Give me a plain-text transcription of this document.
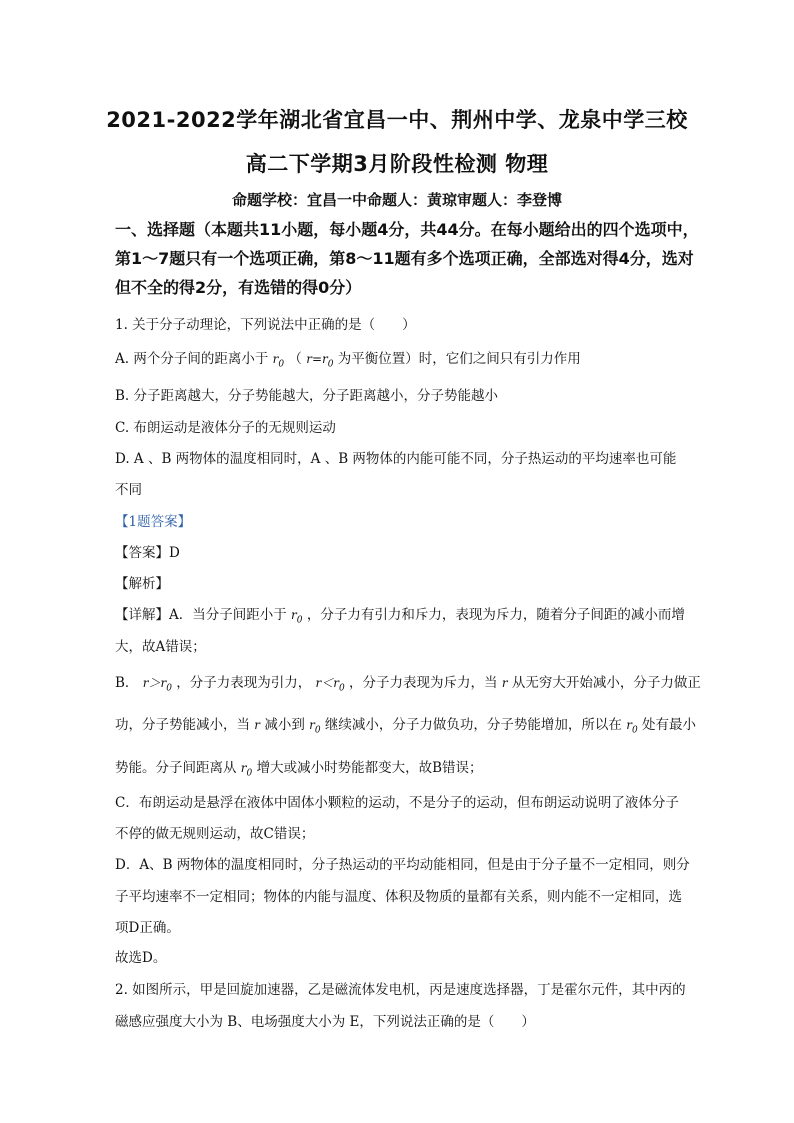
2021-2022学年湖北省宜昌一中、荆州中学、龙泉中学三校
高二下学期3月阶段性检测 物理
命题学校：宜昌一中命题人：黄琼审题人：李登博
一、选择题（本题共11小题，每小题4分，共44分。在每小题给出的四个选项中，
第1～7题只有一个选项正确，第8～11题有多个选项正确，全部选对得4分，选对
但不全的得2分，有选错的得0分）
1. 关于分子动理论，下列说法中正确的是（　　）
A. 两个分子间的距离小于 $r_0$ （ $r=r_0$ 为平衡位置）时，它们之间只有引力作用
B. 分子距离越大，分子势能越大，分子距离越小，分子势能越小
C. 布朗运动是液体分子的无规则运动
D. A 、B 两物体的温度相同时，A 、B 两物体的内能可能不同，分子热运动的平均速率也可能
不同
【1题答案】
【答案】D
【解析】
【详解】A．当分子间距小于 $r_0$ ，分子力有引力和斥力，表现为斥力，随着分子间距的减小而增
大，故A错误；
B． $r>r_0$ ，分子力表现为引力， $r<r_0$ ，分子力表现为斥力，当 r 从无穷大开始减小，分子力做正
功，分子势能减小，当 r 减小到 $r_0$ 继续减小，分子力做负功，分子势能增加，所以在 $r_0$ 处有最小
势能。分子间距离从 $r_0$ 增大或减小时势能都变大，故B错误；
C．布朗运动是悬浮在液体中固体小颗粒的运动，不是分子的运动，但布朗运动说明了液体分子
不停的做无规则运动，故C错误；
D．A、B 两物体的温度相同时，分子热运动的平均动能相同，但是由于分子量不一定相同，则分
子平均速率不一定相同；物体的内能与温度、体积及物质的量都有关系，则内能不一定相同，选
项D正确。
故选D。
2. 如图所示，甲是回旋加速器，乙是磁流体发电机，丙是速度选择器，丁是霍尔元件，其中丙的
磁感应强度大小为 B、电场强度大小为 E，下列说法正确的是（　　）
